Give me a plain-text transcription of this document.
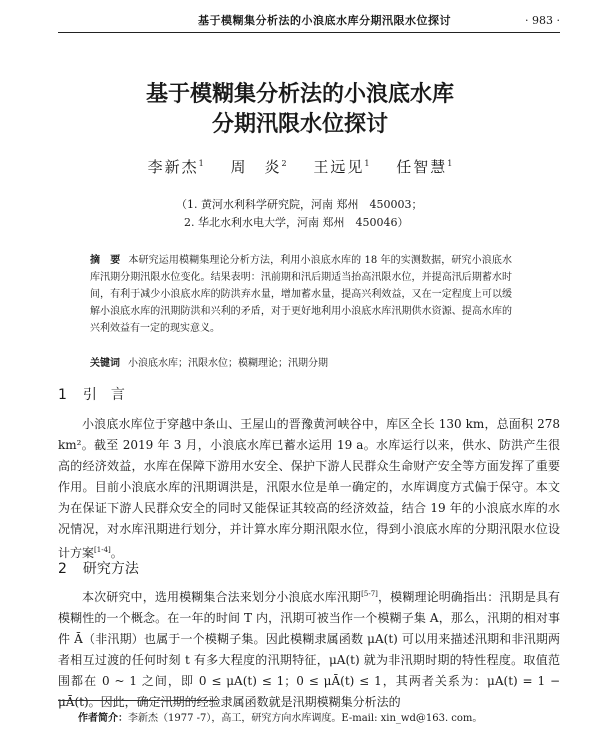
基于模糊集分析法的小浪底水库分期汛限水位探讨	· 983 ·
基于模糊集分析法的小浪底水库
分期汛限水位探讨
李新杰$^1$ 周　炎$^2$ 王远见$^1$ 任智慧$^1$
（1. 黄河水利科学研究院，河南 郑州　450003；
2. 华北水利水电大学，河南 郑州　450046）
摘　要 本研究运用模糊集理论分析方法，利用小浪底水库的 18 年的实测数据，研究小浪底水库汛期分期汛限水位变化。结果表明：汛前期和汛后期适当抬高汛限水位，并提高汛后期蓄水时间，有利于减少小浪底水库的防洪弃水量，增加蓄水量，提高兴利效益，又在一定程度上可以缓解小浪底水库的汛期防洪和兴利的矛盾，对于更好地利用小浪底水库汛期供水资源、提高水库的兴利效益有一定的现实意义。
关键词 小浪底水库；汛限水位；模糊理论；汛期分期
1 引　言
小浪底水库位于穿越中条山、王屋山的晋豫黄河峡谷中，库区全长 130 km，总面积 278 km²。截至 2019 年 3 月，小浪底水库已蓄水运用 19 a。水库运行以来，供水、防洪产生很高的经济效益，水库在保障下游用水安全、保护下游人民群众生命财产安全等方面发挥了重要作用。目前小浪底水库的汛期调洪是，汛限水位是单一确定的，水库调度方式偏于保守。本文为在保证下游人民群众安全的同时又能保证其较高的经济效益，结合 19 年的小浪底水库的水况情况，对水库汛期进行划分，并计算水库分期汛限水位，得到小浪底水库的分期汛限水位设计方案[1-4]。
2 研究方法
本次研究中，选用模糊集合法来划分小浪底水库汛期[5-7]，模糊理论明确指出：汛期是具有模糊性的一个概念。在一年的时间 T 内，汛期可被当作一个模糊子集 A，那么，汛期的相对事件 Ā（非汛期）也属于一个模糊子集。因此模糊隶属函数 μA(t) 可以用来描述汛期和非汛期两者相互过渡的任何时刻 t 有多大程度的汛期特征，μA(t) 就为非汛期时期的特性程度。取值范围都在 0 ~ 1 之间，即 0 ≤ μA(t) ≤ 1；0 ≤ μĀ(t) ≤ 1，其两者关系为：μA(t) = 1 − μĀ(t)。因此，确定汛期的经验隶属函数就是汛期模糊集分析法的
作者简介：李新杰（1977 -7），高工，研究方向水库调度。E-mail: xin_wd@163. com。
